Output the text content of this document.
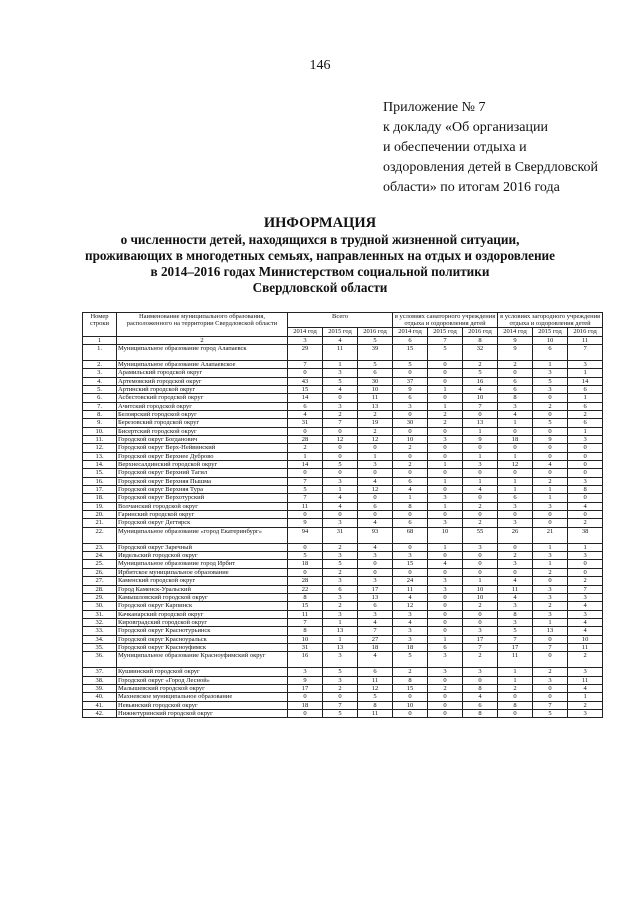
146
Приложение № 7
к докладу «Об организации
и обеспечении отдыха и
оздоровления детей в Свердловской
области» по итогам 2016 года
ИНФОРМАЦИЯ
о численности детей, находящихся в трудной жизненной ситуации,
проживающих в многодетных семьях, направленных на отдых и оздоровление
в 2014–2016 годах Министерством социальной политики
Свердловской области
Номер строки	Наименование муниципального образования, расположенного на территории Свердловской области	Всего			в условиях санаторного учреждения отдыха и оздоровления детей			в условиях загородного учреждения отдыха и оздоровления детей		
		2014 год	2015 год	2016 год	2014 год	2015 год	2016 год	2014 год	2015 год	2016 год
1	2	3	4	5	6	7	8	9	10	11
1.	Муниципальное образование город Алапаевск	29	11	39	15	5	32	9	6	7
2.	Муниципальное образование Алапаевское	7	1	5	5	0	2	2	1	3
3.	Арамильский городской округ	0	3	6	0	0	5	0	3	1
4.	Артемовский городской округ	43	5	30	37	0	16	6	5	14
5.	Артинский городской округ	15	4	10	9	1	4	6	3	6
6.	Асбестовский городской округ	14	0	11	6	0	10	8	0	1
7.	Ачитский городской округ	6	3	13	3	1	7	3	2	6
8.	Белоярский городской округ	4	2	2	0	2	0	4	0	2
9.	Березовский городской округ	31	7	19	30	2	13	1	5	6
10.	Бисертский городской округ	0	0	2	0	0	1	0	0	1
11.	Городской округ Богданович	28	12	12	10	3	9	18	9	3
12.	Городской округ Верх-Нейвинский	2	0	0	2	0	0	0	0	0
13.	Городской округ Верхнее Дуброво	1	0	1	0	0	1	1	0	0
14.	Верхнесалдинский городской округ	14	5	3	2	1	3	12	4	0
15.	Городской округ Верхний Тагил	0	0	0	0	0	0	0	0	0
16.	Городской округ Верхняя Пышма	7	3	4	6	1	1	1	2	3
17.	Городской округ Верхняя Тура	5	1	12	4	0	4	1	1	8
18.	Городской округ Верхотурский	7	4	0	1	3	0	6	1	0
19.	Волчанский городской округ	11	4	6	8	1	2	3	3	4
20.	Гаринский городской округ	0	0	0	0	0	0	0	0	0
21.	Городской округ Дегтярск	9	3	4	6	3	2	3	0	2
22.	Муниципальное образование «город Екатеринбург»	94	31	93	68	10	55	26	21	38
23.	Городской округ Заречный	0	2	4	0	1	3	0	1	1
24.	Ивдельский городской округ	5	3	3	3	0	0	2	3	3
25.	Муниципальное образование город Ирбит	18	5	0	15	4	0	3	1	0
26.	Ирбитское муниципальное образование	0	2	0	0	0	0	0	2	0
27.	Каменский городской округ	28	3	3	24	3	1	4	0	2
28.	Город Каменск-Уральский	22	6	17	11	3	10	11	3	7
29.	Камышловский городской округ	8	3	13	4	0	10	4	3	3
30.	Городской округ Карпинск	15	2	6	12	0	2	3	2	4
31.	Качканарский городской округ	11	3	3	3	0	0	8	3	3
32.	Кировградский городской округ	7	1	4	4	0	0	3	1	4
33.	Городской округ Краснотурьинск	8	13	7	3	0	3	5	13	4
34.	Городской округ Красноуральск	10	1	27	3	1	17	7	0	10
35.	Городской округ Красноуфимск	31	13	18	18	6	7	17	7	11
36.	Муниципальное образование Красноуфимский округ	16	3	4	5	3	2	11	0	2
37.	Кушвинский городской округ	3	5	6	2	3	3	1	2	3
38.	Городской округ «Город Лесной»	9	3	11	8	0	0	1	3	11
39.	Малышевский городской округ	17	2	12	15	2	8	2	0	4
40.	Махневское муниципальное образование	0	0	5	0	0	4	0	0	1
41.	Невьянский городской округ	18	7	8	10	0	6	8	7	2
42.	Нижнетуринский городской округ	0	5	11	0	0	8	0	5	3
